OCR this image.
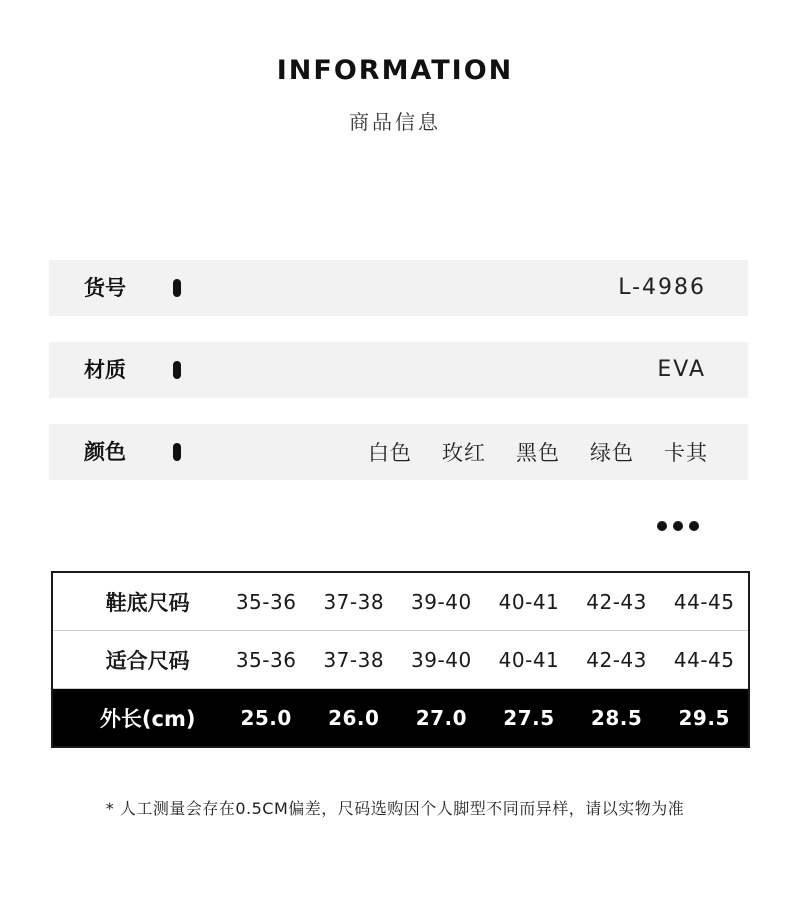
INFORMATION
商品信息
货号	L-4986
材质	EVA
颜色	白色 玫红 黑色 绿色 卡其
鞋底尺码	35-36	37-38	39-40	40-41	42-43	44-45
适合尺码	35-36	37-38	39-40	40-41	42-43	44-45
外长(cm)	25.0	26.0	27.0	27.5	28.5	29.5
* 人工测量会存在0.5CM偏差，尺码选购因个人脚型不同而异样，请以实物为准
